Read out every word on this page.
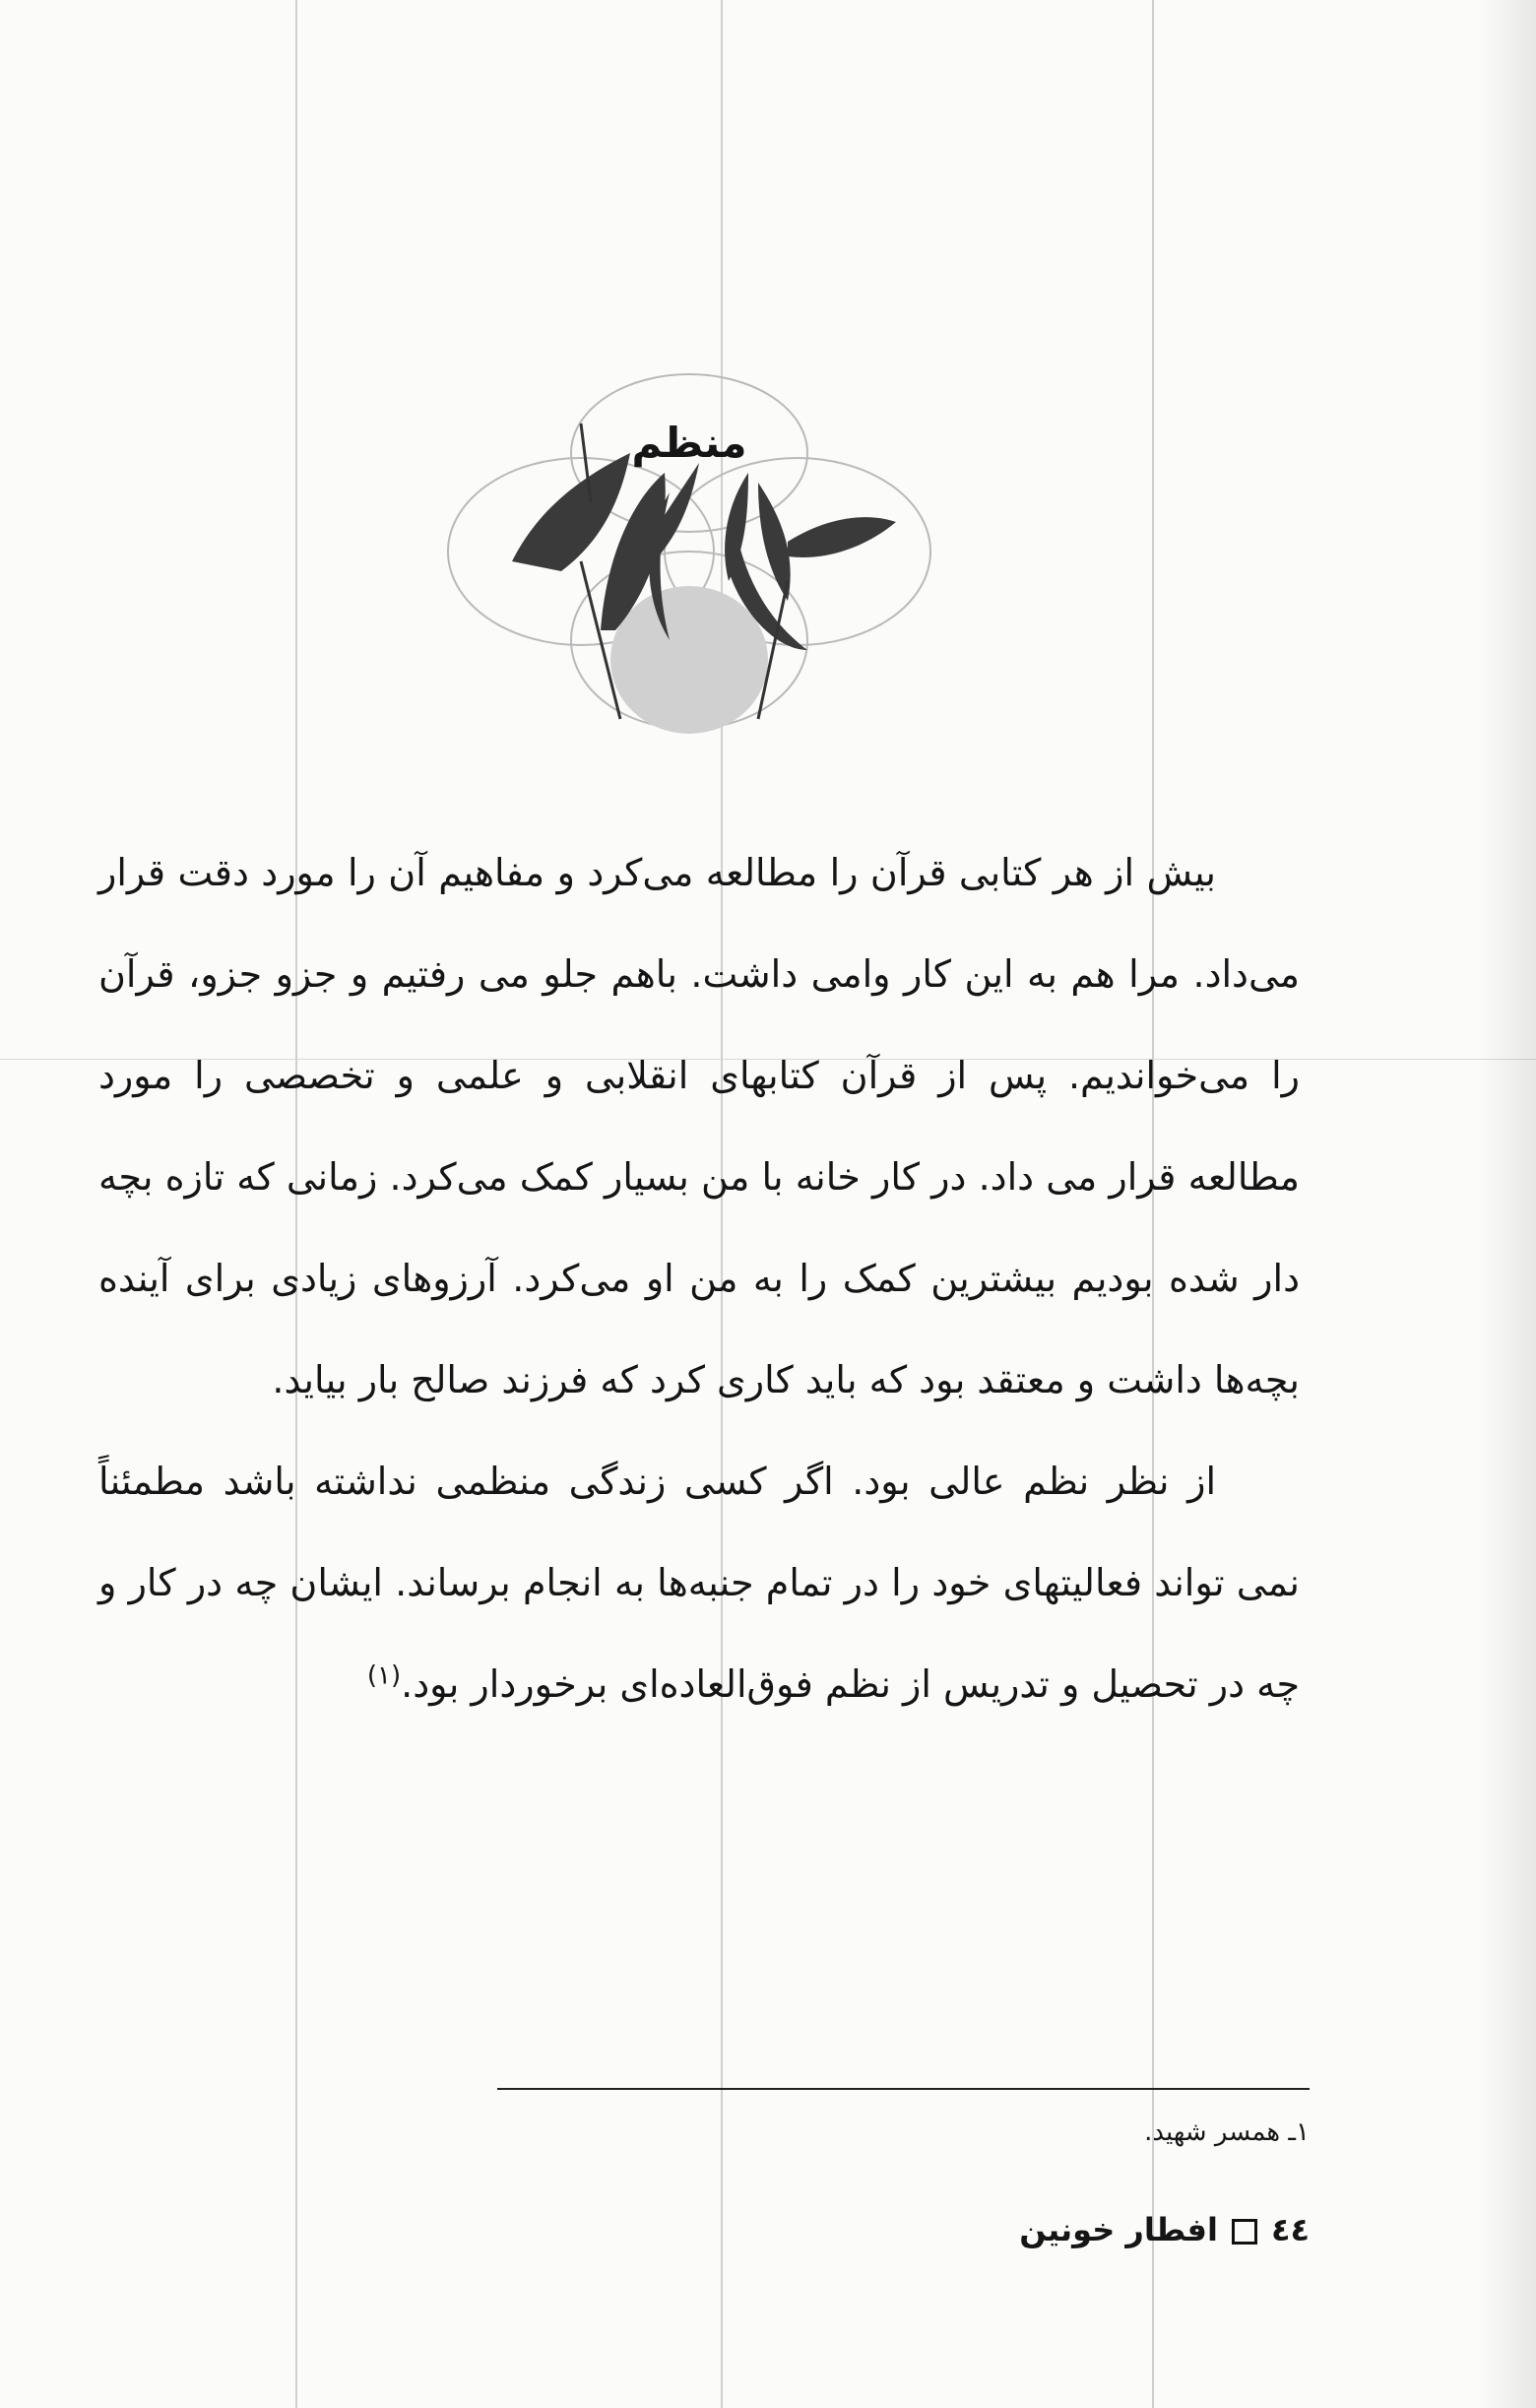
منظم

بیش از هر کتابی قرآن را مطالعه می‌کرد و مفاهیم آن را مورد دقت قرار می‌داد. مرا هم به این کار وامی داشت. باهم جلو می رفتیم و جزو جزو، قرآن را می‌خواندیم. پس از قرآن کتابهای انقلابی و علمی و تخصصی را مورد مطالعه قرار می داد. در کار خانه با من بسیار کمک می‌کرد. زمانی که تازه بچه دار شده بودیم بیشترین کمک را به من او می‌کرد. آرزوهای زیادی برای آینده بچه‌ها داشت و معتقد بود که باید کاری کرد که فرزند صالح بار بیاید.

از نظر نظم عالی بود. اگر کسی زندگی منظمی نداشته باشد مطمئناً نمی تواند فعالیتهای خود را در تمام جنبه‌ها به انجام برساند. ایشان چه در کار و چه در تحصیل و تدریس از نظم فوق‌العاده‌ای برخوردار بود.$^{(۱)}$

۱ـ همسر شهید.
٤٤افطار خونین
